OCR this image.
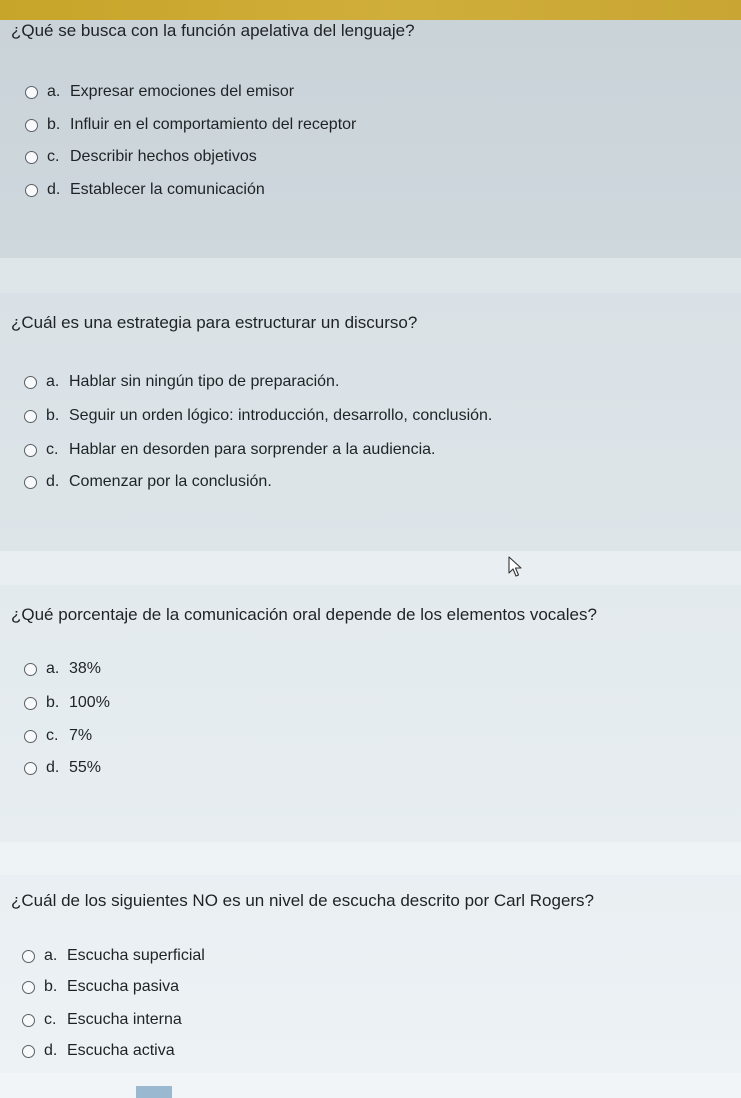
¿Qué se busca con la función apelativa del lenguaje?
a. Expresar emociones del emisor
b. Influir en el comportamiento del receptor
c. Describir hechos objetivos
d. Establecer la comunicación
¿Cuál es una estrategia para estructurar un discurso?
a. Hablar sin ningún tipo de preparación.
b. Seguir un orden lógico: introducción, desarrollo, conclusión.
c. Hablar en desorden para sorprender a la audiencia.
d. Comenzar por la conclusión.
¿Qué porcentaje de la comunicación oral depende de los elementos vocales?
a. 38%
b. 100%
c. 7%
d. 55%
¿Cuál de los siguientes NO es un nivel de escucha descrito por Carl Rogers?
a. Escucha superficial
b. Escucha pasiva
c. Escucha interna
d. Escucha activa
